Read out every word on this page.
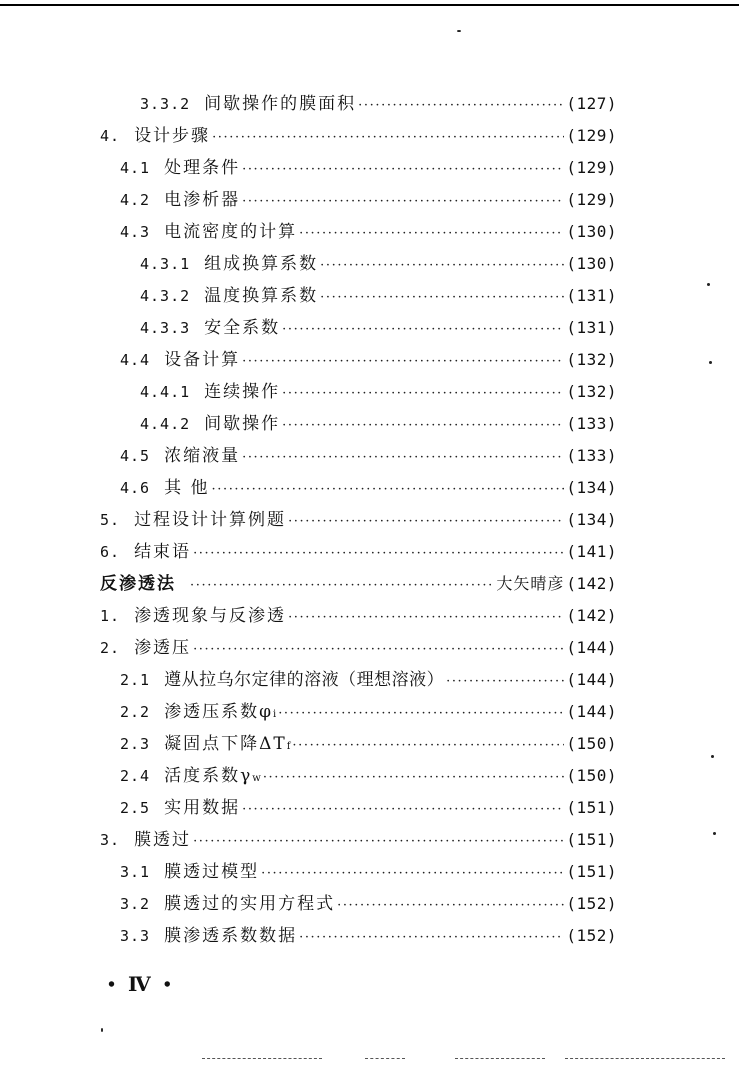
3.3.2 间歇操作的膜面积 ·····	(127)
4. 设计步骤 ·····	(129)
4.1 处理条件 ·····	(129)
4.2 电渗析器 ·····	(129)
4.3 电流密度的计算 ·····	(130)
4.3.1 组成换算系数 ·····	(130)
4.3.2 温度换算系数 ·····	(131)
4.3.3 安全系数 ·····	(131)
4.4 设备计算 ·····	(132)
4.4.1 连续操作 ·····	(132)
4.4.2 间歇操作 ·····	(133)
4.5 浓缩液量 ·····	(133)
4.6 其 他 ·····	(134)
5. 过程设计计算例题 ·····	(134)
6. 结束语 ·····	(141)
反渗透法 ·····	大矢晴彦 (142)
1. 渗透现象与反渗透 ·····	(142)
2. 渗透压 ·····	(144)
2.1 遵从拉乌尔定律的溶液（理想溶液） ·····	(144)
2.2 渗透压系数φ i ·····	(144)
2.3 凝固点下降ΔT f ·····	(150)
2.4 活度系数γ w ·····	(150)
2.5 实用数据 ·····	(151)
3. 膜透过 ·····	(151)
3.1 膜透过模型 ·····	(151)
3.2 膜透过的实用方程式 ·····	(152)
3.3 膜渗透系数数据 ·····	(152)
• Ⅳ •
